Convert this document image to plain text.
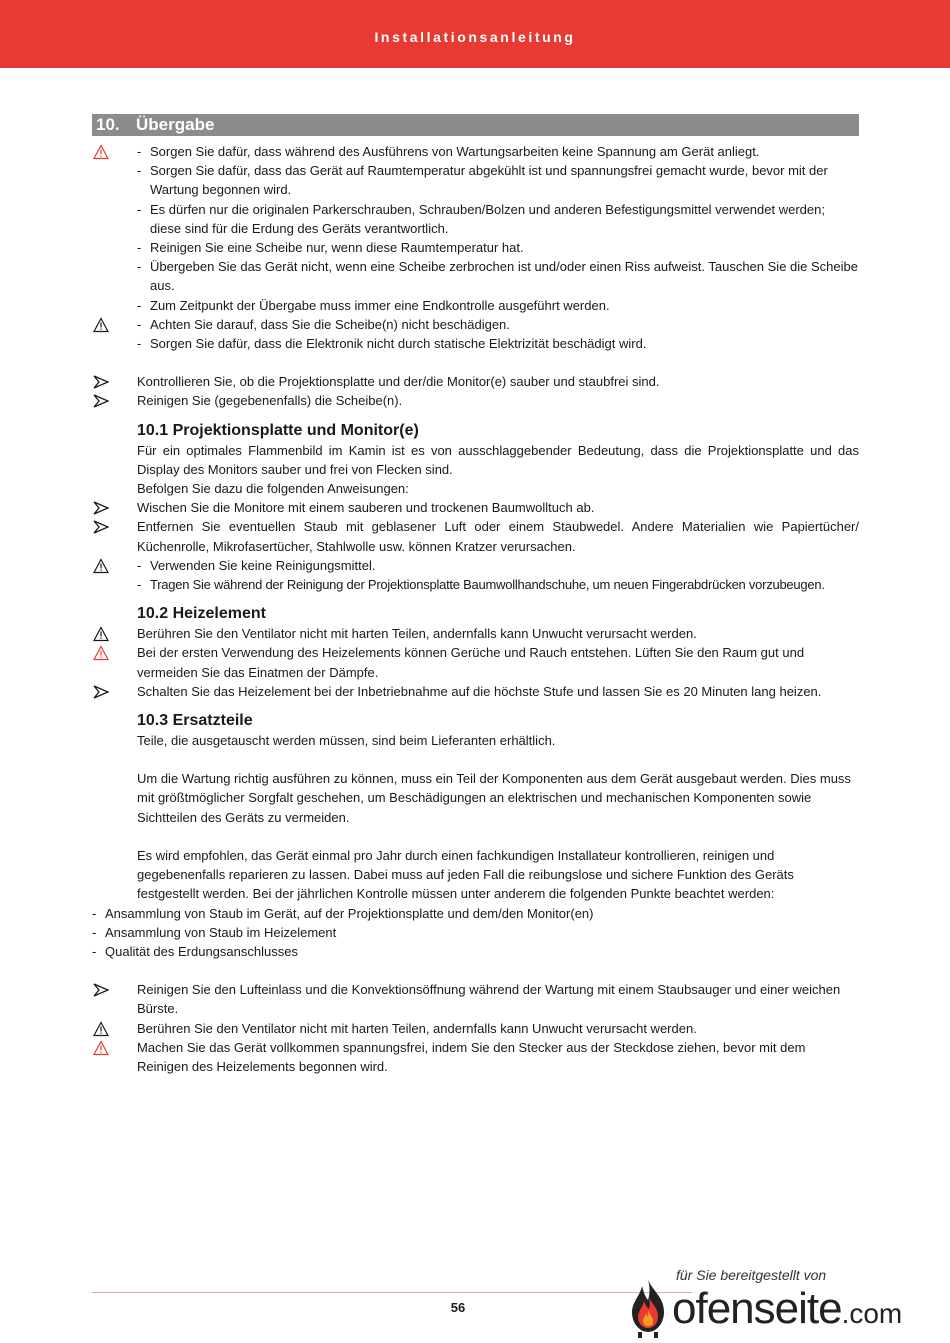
Installationsanleitung
10. Übergabe
- Sorgen Sie dafür, dass während des Ausführens von Wartungsarbeiten keine Spannung am Gerät anliegt.
- Sorgen Sie dafür, dass das Gerät auf Raumtemperatur abgekühlt ist und spannungsfrei gemacht wurde, bevor mit der Wartung begonnen wird.
- Es dürfen nur die originalen Parkerschrauben, Schrauben/Bolzen und anderen Befestigungsmittel verwendet werden; diese sind für die Erdung des Geräts verantwortlich.
- Reinigen Sie eine Scheibe nur, wenn diese Raumtemperatur hat.
- Übergeben Sie das Gerät nicht, wenn eine Scheibe zerbrochen ist und/oder einen Riss aufweist. Tauschen Sie die Scheibe aus.
- Zum Zeitpunkt der Übergabe muss immer eine Endkontrolle ausgeführt werden.
- Achten Sie darauf, dass Sie die Scheibe(n) nicht beschädigen.
- Sorgen Sie dafür, dass die Elektronik nicht durch statische Elektrizität beschädigt wird.
Kontrollieren Sie, ob die Projektionsplatte und der/die Monitor(e) sauber und staubfrei sind.
Reinigen Sie (gegebenenfalls) die Scheibe(n).
10.1 Projektionsplatte und Monitor(e)
Für ein optimales Flammenbild im Kamin ist es von ausschlaggebender Bedeutung, dass die Projektionsplatte und das Display des Monitors sauber und frei von Flecken sind.
Befolgen Sie dazu die folgenden Anweisungen:
Wischen Sie die Monitore mit einem sauberen und trockenen Baumwolltuch ab.
Entfernen Sie eventuellen Staub mit geblasener Luft oder einem Staubwedel. Andere Materialien wie Papiertücher/ Küchenrolle, Mikrofasertücher, Stahlwolle usw. können Kratzer verursachen.
- Verwenden Sie keine Reinigungsmittel.
- Tragen Sie während der Reinigung der Projektionsplatte Baumwollhandschuhe, um neuen Fingerabdrücken vorzubeugen.
10.2 Heizelement
Berühren Sie den Ventilator nicht mit harten Teilen, andernfalls kann Unwucht verursacht werden.
Bei der ersten Verwendung des Heizelements können Gerüche und Rauch entstehen. Lüften Sie den Raum gut und vermeiden Sie das Einatmen der Dämpfe.
Schalten Sie das Heizelement bei der Inbetriebnahme auf die höchste Stufe und lassen Sie es 20 Minuten lang heizen.
10.3 Ersatzteile
Teile, die ausgetauscht werden müssen, sind beim Lieferanten erhältlich.
Um die Wartung richtig ausführen zu können, muss ein Teil der Komponenten aus dem Gerät ausgebaut werden. Dies muss mit größtmöglicher Sorgfalt geschehen, um Beschädigungen an elektrischen und mechanischen Komponenten sowie Sichtteilen des Geräts zu vermeiden.
Es wird empfohlen, das Gerät einmal pro Jahr durch einen fachkundigen Installateur kontrollieren, reinigen und gegebenenfalls reparieren zu lassen. Dabei muss auf jeden Fall die reibungslose und sichere Funktion des Geräts festgestellt werden. Bei der jährlichen Kontrolle müssen unter anderem die folgenden Punkte beachtet werden:
- Ansammlung von Staub im Gerät, auf der Projektionsplatte und dem/den Monitor(en)
- Ansammlung von Staub im Heizelement
- Qualität des Erdungsanschlusses
Reinigen Sie den Lufteinlass und die Konvektionsöffnung während der Wartung mit einem Staubsauger und einer weichen Bürste.
Berühren Sie den Ventilator nicht mit harten Teilen, andernfalls kann Unwucht verursacht werden.
Machen Sie das Gerät vollkommen spannungsfrei, indem Sie den Stecker aus der Steckdose ziehen, bevor mit dem Reinigen des Heizelements begonnen wird.
56
für Sie bereitgestellt von
ofenseite.com
